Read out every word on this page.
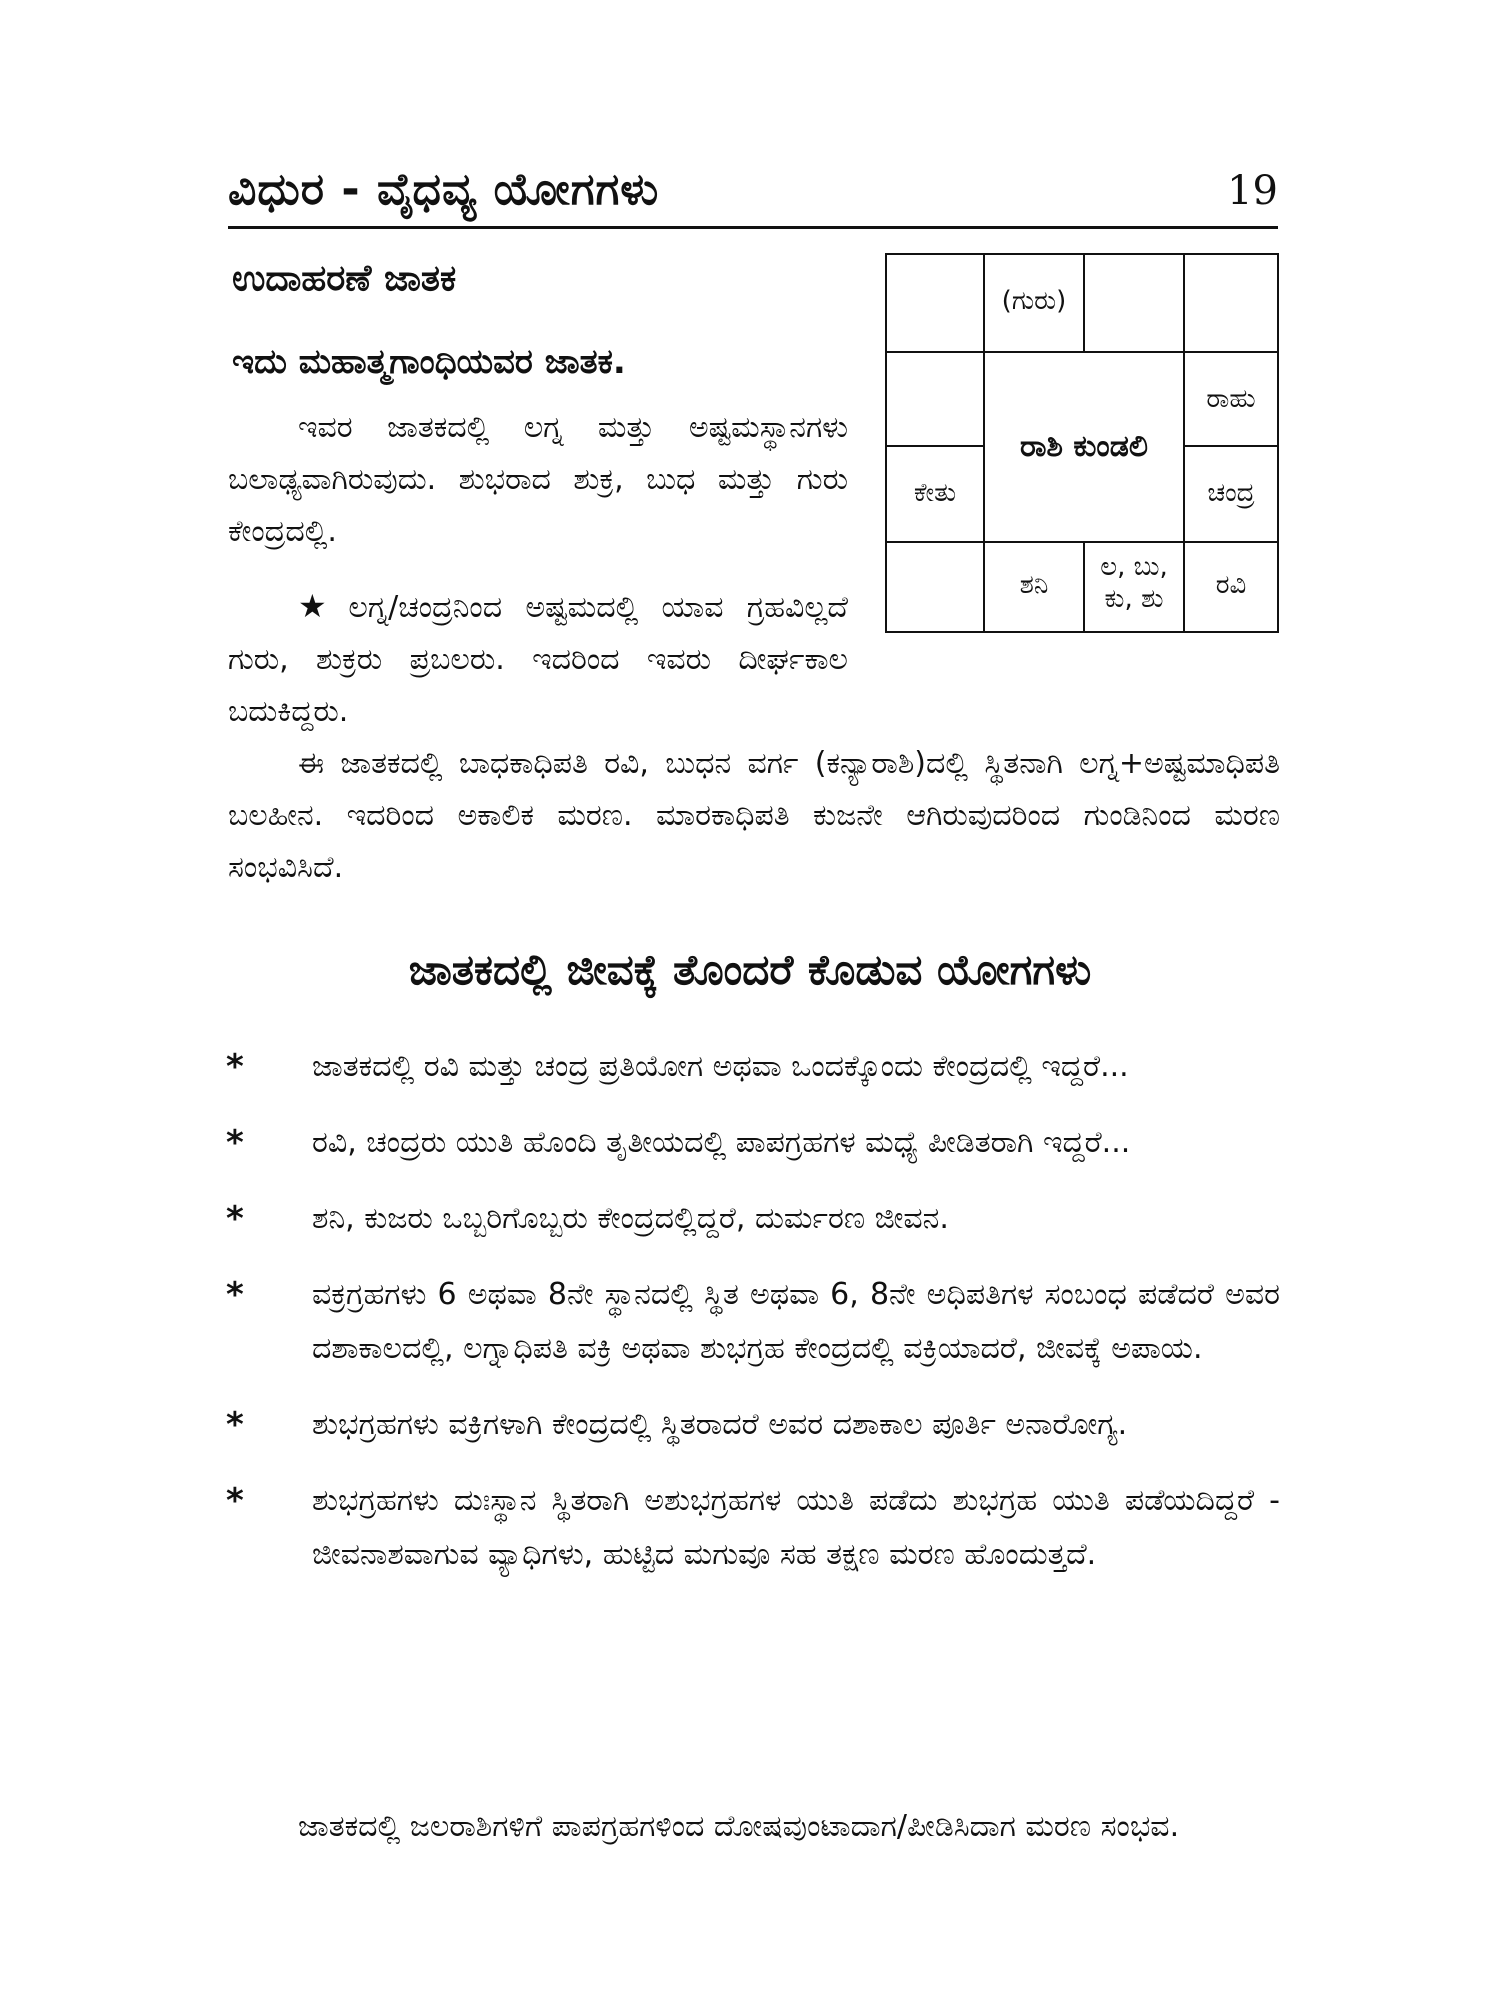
ವಿಧುರ - ವೈಧವ್ಯ ಯೋಗಗಳು	19
ಉದಾಹರಣೆ ಜಾತಕ
ಇದು ಮಹಾತ್ಮಗಾಂಧಿಯವರ ಜಾತಕ.

ಇವರ ಜಾತಕದಲ್ಲಿ ಲಗ್ನ ಮತ್ತು ಅಷ್ಟಮಸ್ಥಾನಗಳು ಬಲಾಢ್ಯವಾಗಿರುವುದು. ಶುಭರಾದ ಶುಕ್ರ, ಬುಧ ಮತ್ತು ಗುರು ಕೇಂದ್ರದಲ್ಲಿ.

★ ಲಗ್ನ/ಚಂದ್ರನಿಂದ ಅಷ್ಟಮದಲ್ಲಿ ಯಾವ ಗ್ರಹವಿಲ್ಲದೆ ಗುರು, ಶುಕ್ರರು ಪ್ರಬಲರು. ಇದರಿಂದ ಇವರು ದೀರ್ಘಕಾಲ ಬದುಕಿದ್ದರು.

(ಗುರು)
ರಾಹು
ಚಂದ್ರ
ಕೇತು
ಶನಿ
ಲ, ಬು,
ಕು, ಶು	ರವಿ
ರಾಶಿ ಕುಂಡಲಿ

ಈ ಜಾತಕದಲ್ಲಿ ಬಾಧಕಾಧಿಪತಿ ರವಿ, ಬುಧನ ವರ್ಗ (ಕನ್ಯಾರಾಶಿ)ದಲ್ಲಿ ಸ್ಥಿತನಾಗಿ ಲಗ್ನ+ಅಷ್ಟಮಾಧಿಪತಿ ಬಲಹೀನ. ಇದರಿಂದ ಅಕಾಲಿಕ ಮರಣ. ಮಾರಕಾಧಿಪತಿ ಕುಜನೇ ಆಗಿರುವುದರಿಂದ ಗುಂಡಿನಿಂದ ಮರಣ ಸಂಭವಿಸಿದೆ.

ಜಾತಕದಲ್ಲಿ ಜೀವಕ್ಕೆ ತೊಂದರೆ ಕೊಡುವ ಯೋಗಗಳು
* ಜಾತಕದಲ್ಲಿ ರವಿ ಮತ್ತು ಚಂದ್ರ ಪ್ರತಿಯೋಗ ಅಥವಾ ಒಂದಕ್ಕೊಂದು ಕೇಂದ್ರದಲ್ಲಿ ಇದ್ದರೆ...
* ರವಿ, ಚಂದ್ರರು ಯುತಿ ಹೊಂದಿ ತೃತೀಯದಲ್ಲಿ ಪಾಪಗ್ರಹಗಳ ಮಧ್ಯೆ ಪೀಡಿತರಾಗಿ ಇದ್ದರೆ...
* ಶನಿ, ಕುಜರು ಒಬ್ಬರಿಗೊಬ್ಬರು ಕೇಂದ್ರದಲ್ಲಿದ್ದರೆ, ದುರ್ಮರಣ ಜೀವನ.
* ವಕ್ರಗ್ರಹಗಳು 6 ಅಥವಾ 8ನೇ ಸ್ಥಾನದಲ್ಲಿ ಸ್ಥಿತ ಅಥವಾ 6, 8ನೇ ಅಧಿಪತಿಗಳ ಸಂಬಂಧ ಪಡೆದರೆ ಅವರ ದಶಾಕಾಲದಲ್ಲಿ, ಲಗ್ನಾಧಿಪತಿ ವಕ್ರಿ ಅಥವಾ ಶುಭಗ್ರಹ ಕೇಂದ್ರದಲ್ಲಿ ವಕ್ರಿಯಾದರೆ, ಜೀವಕ್ಕೆ ಅಪಾಯ.
* ಶುಭಗ್ರಹಗಳು ವಕ್ರಿಗಳಾಗಿ ಕೇಂದ್ರದಲ್ಲಿ ಸ್ಥಿತರಾದರೆ ಅವರ ದಶಾಕಾಲ ಪೂರ್ತಿ ಅನಾರೋಗ್ಯ.
* ಶುಭಗ್ರಹಗಳು ದುಃಸ್ಥಾನ ಸ್ಥಿತರಾಗಿ ಅಶುಭಗ್ರಹಗಳ ಯುತಿ ಪಡೆದು ಶುಭಗ್ರಹ ಯುತಿ ಪಡೆಯದಿದ್ದರೆ - ಜೀವನಾಶವಾಗುವ ವ್ಯಾಧಿಗಳು, ಹುಟ್ಟಿದ ಮಗುವೂ ಸಹ ತಕ್ಷಣ ಮರಣ ಹೊಂದುತ್ತದೆ.

ಜಾತಕದಲ್ಲಿ ಜಲರಾಶಿಗಳಿಗೆ ಪಾಪಗ್ರಹಗಳಿಂದ ದೋಷವುಂಟಾದಾಗ/ಪೀಡಿಸಿದಾಗ ಮರಣ ಸಂಭವ.
